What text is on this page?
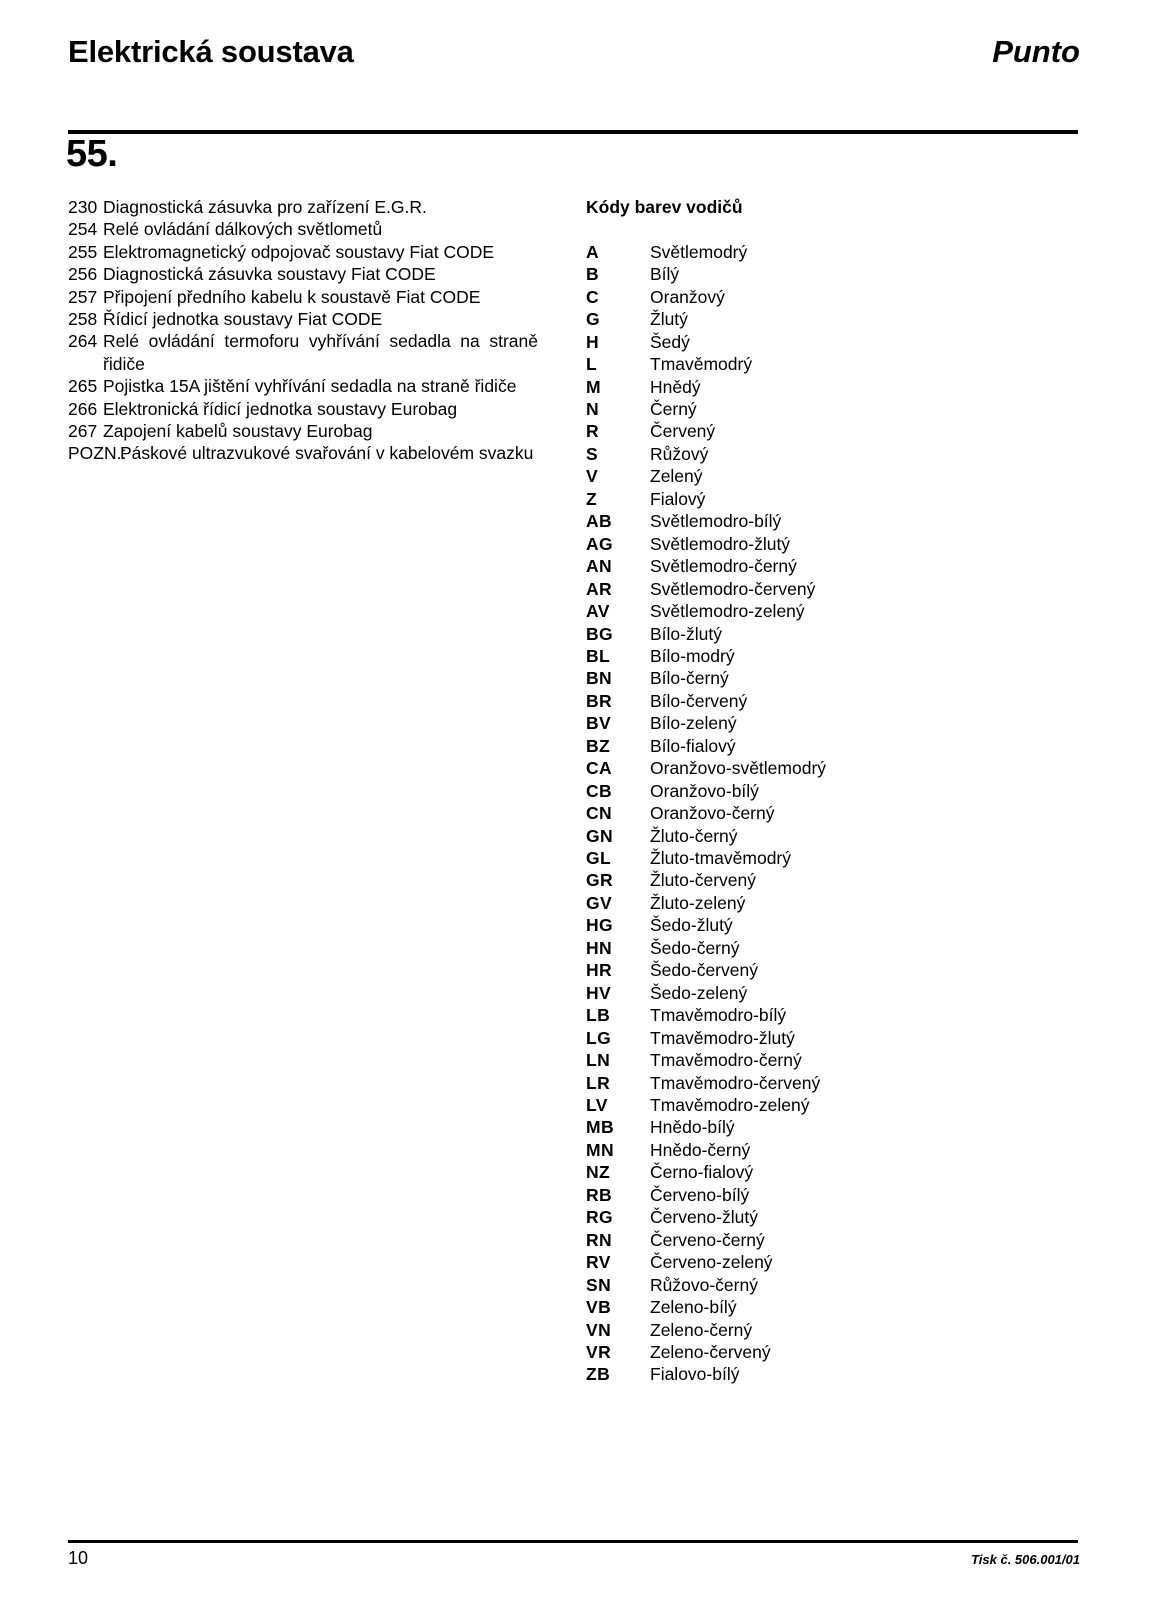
Elektrická soustava	Punto
55.
230 Diagnostická zásuvka pro zařízení E.G.R.
254 Relé ovládání dálkových světlometů
255 Elektromagnetický odpojovač soustavy Fiat CODE
256 Diagnostická zásuvka soustavy Fiat CODE
257 Připojení předního kabelu k soustavě Fiat CODE
258 Řídicí jednotka soustavy Fiat CODE
264 Relé ovládání termoforu vyhřívání sedadla na straně řidiče
265 Pojistka 15A jištění vyhřívání sedadla na straně řidiče
266 Elektronická řídicí jednotka soustavy Eurobag
267 Zapojení kabelů soustavy Eurobag
POZN.:
Páskové ultrazvukové svařování v kabelovém svazku
Kódy barev vodičů
A	Světlemodrý
B	Bílý
C	Oranžový
G	Žlutý
H	Šedý
L	Tmavěmodrý
M	Hnědý
N	Černý
R	Červený
S	Růžový
V	Zelený
Z	Fialový
AB	Světlemodro-bílý
AG	Světlemodro-žlutý
AN	Světlemodro-černý
AR	Světlemodro-červený
AV	Světlemodro-zelený
BG	Bílo-žlutý
BL	Bílo-modrý
BN	Bílo-černý
BR	Bílo-červený
BV	Bílo-zelený
BZ	Bílo-fialový
CA	Oranžovo-světlemodrý
CB	Oranžovo-bílý
CN	Oranžovo-černý
GN	Žluto-černý
GL	Žluto-tmavěmodrý
GR	Žluto-červený
GV	Žluto-zelený
HG	Šedo-žlutý
HN	Šedo-černý
HR	Šedo-červený
HV	Šedo-zelený
LB	Tmavěmodro-bílý
LG	Tmavěmodro-žlutý
LN	Tmavěmodro-černý
LR	Tmavěmodro-červený
LV	Tmavěmodro-zelený
MB	Hnědo-bílý
MN	Hnědo-černý
NZ	Černo-fialový
RB	Červeno-bílý
RG	Červeno-žlutý
RN	Červeno-černý
RV	Červeno-zelený
SN	Růžovo-černý
VB	Zeleno-bílý
VN	Zeleno-černý
VR	Zeleno-červený
ZB	Fialovo-bílý
10	Tisk č. 506.001/01
